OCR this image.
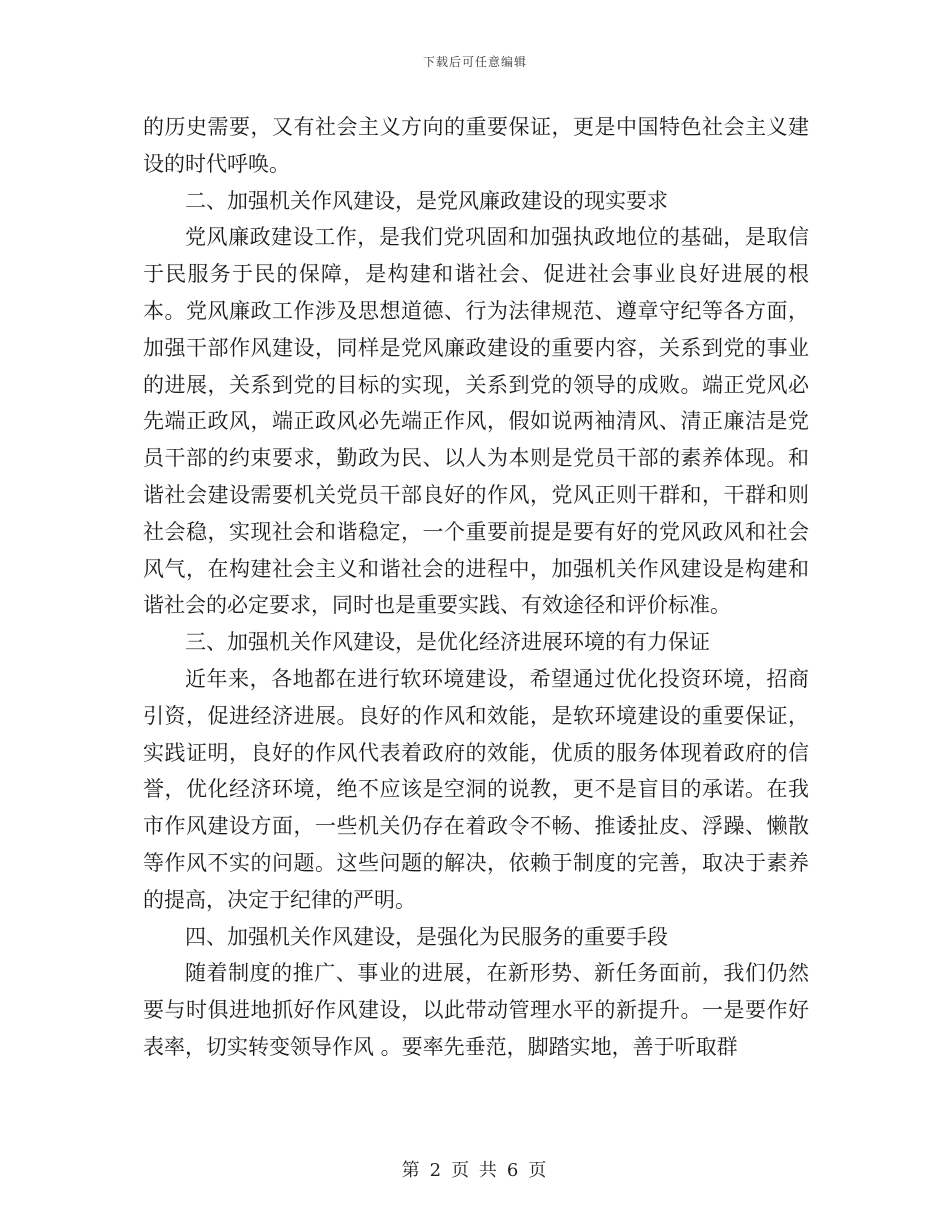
下载后可任意编辑

的历史需要，又有社会主义方向的重要保证，更是中国特色社会主义建设的时代呼唤。

二、加强机关作风建设，是党风廉政建设的现实要求

党风廉政建设工作，是我们党巩固和加强执政地位的基础，是取信于民服务于民的保障，是构建和谐社会、促进社会事业良好进展的根本。党风廉政工作涉及思想道德、行为法律规范、遵章守纪等各方面，加强干部作风建设，同样是党风廉政建设的重要内容，关系到党的事业的进展，关系到党的目标的实现，关系到党的领导的成败。端正党风必先端正政风，端正政风必先端正作风，假如说两袖清风、清正廉洁是党员干部的约束要求，勤政为民、以人为本则是党员干部的素养体现。和谐社会建设需要机关党员干部良好的作风，党风正则干群和，干群和则社会稳，实现社会和谐稳定，一个重要前提是要有好的党风政风和社会风气，在构建社会主义和谐社会的进程中，加强机关作风建设是构建和谐社会的必定要求，同时也是重要实践、有效途径和评价标准。

三、加强机关作风建设，是优化经济进展环境的有力保证

近年来，各地都在进行软环境建设，希望通过优化投资环境，招商引资，促进经济进展。良好的作风和效能，是软环境建设的重要保证，实践证明，良好的作风代表着政府的效能，优质的服务体现着政府的信誉，优化经济环境，绝不应该是空洞的说教，更不是盲目的承诺。在我市作风建设方面，一些机关仍存在着政令不畅、推诿扯皮、浮躁、懒散等作风不实的问题。这些问题的解决，依赖于制度的完善，取决于素养的提高，决定于纪律的严明。

四、加强机关作风建设，是强化为民服务的重要手段

随着制度的推广、事业的进展，在新形势、新任务面前，我们仍然要与时俱进地抓好作风建设，以此带动管理水平的新提升。一是要作好表率，切实转变领导作风 。要率先垂范，脚踏实地，善于听取群

第 2 页 共 6 页
